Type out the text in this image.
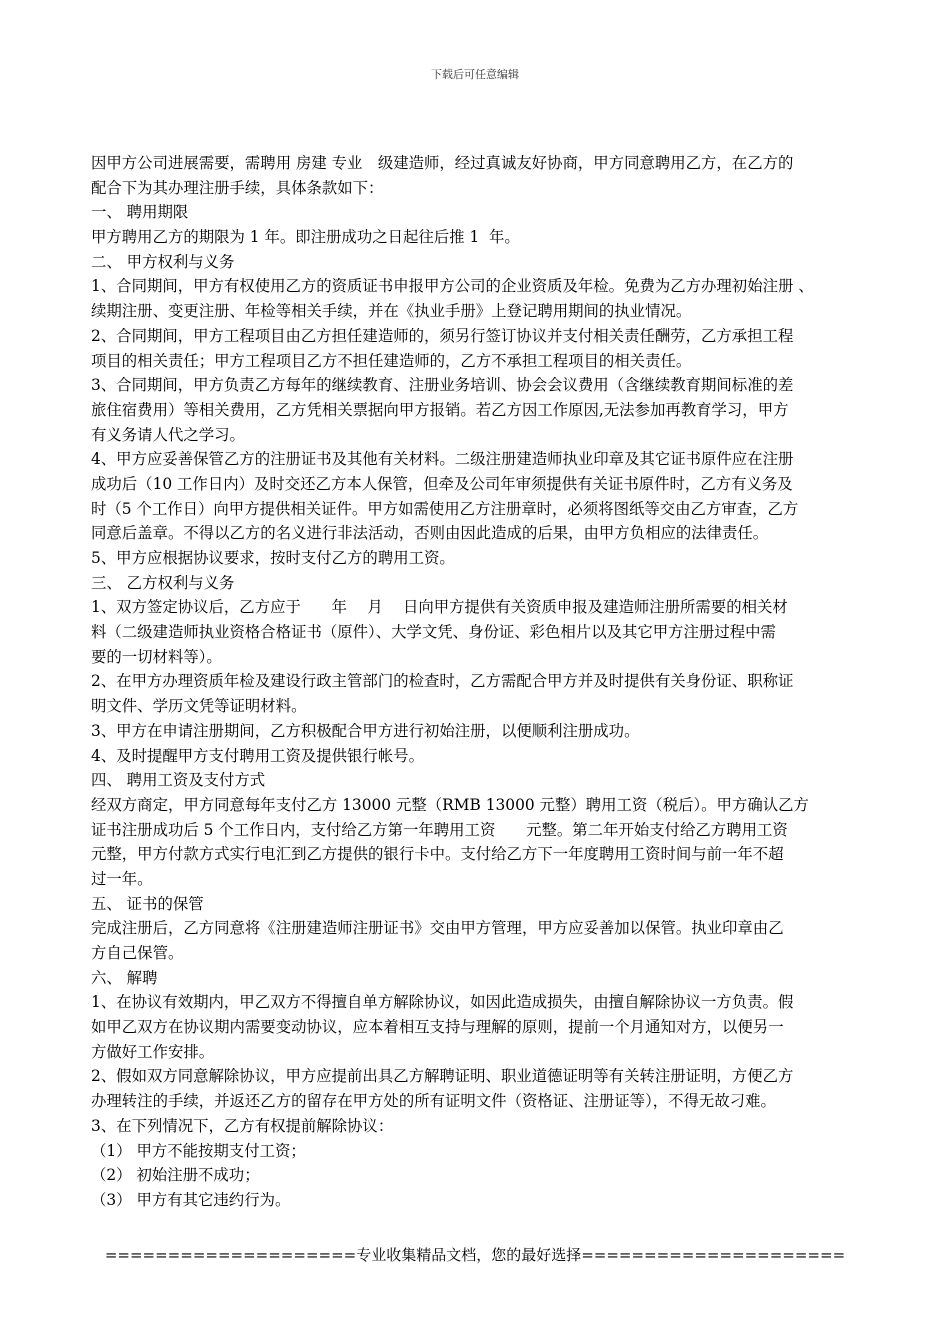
下载后可任意编辑
因甲方公司进展需要，需聘用 房建 专业　级建造师，经过真诚友好协商，甲方同意聘用乙方，在乙方的
配合下为其办理注册手续，具体条款如下：
一、 聘用期限
甲方聘用乙方的期限为 1 年。即注册成功之日起往后推 1  年。
二、 甲方权利与义务
1、合同期间，甲方有权使用乙方的资质证书申报甲方公司的企业资质及年检。免费为乙方办理初始注册 、
续期注册、变更注册、年检等相关手续，并在《执业手册》上登记聘用期间的执业情况。
2、合同期间，甲方工程项目由乙方担任建造师的，须另行签订协议并支付相关责任酬劳，乙方承担工程
项目的相关责任；甲方工程项目乙方不担任建造师的，乙方不承担工程项目的相关责任。
3、合同期间，甲方负责乙方每年的继续教育、注册业务培训、协会会议费用（含继续教育期间标准的差
旅住宿费用）等相关费用，乙方凭相关票据向甲方报销。若乙方因工作原因,无法参加再教育学习，甲方
有义务请人代之学习。
4、甲方应妥善保管乙方的注册证书及其他有关材料。二级注册建造师执业印章及其它证书原件应在注册
成功后（10 工作日内）及时交还乙方本人保管，但牵及公司年审须提供有关证书原件时，乙方有义务及
时（5 个工作日）向甲方提供相关证件。甲方如需使用乙方注册章时，必须将图纸等交由乙方审查，乙方
同意后盖章。不得以乙方的名义进行非法活动，否则由因此造成的后果，由甲方负相应的法律责任。
5、甲方应根据协议要求，按时支付乙方的聘用工资。
三、 乙方权利与义务
1、双方签定协议后，乙方应于　　年　 月　 日向甲方提供有关资质申报及建造师注册所需要的相关材
料（二级建造师执业资格合格证书（原件）、大学文凭、身份证、彩色相片以及其它甲方注册过程中需
要的一切材料等）。
2、在甲方办理资质年检及建设行政主管部门的检查时，乙方需配合甲方并及时提供有关身份证、职称证
明文件、学历文凭等证明材料。
3、甲方在申请注册期间，乙方积极配合甲方进行初始注册，以便顺利注册成功。
4、及时提醒甲方支付聘用工资及提供银行帐号。
四、 聘用工资及支付方式
经双方商定，甲方同意每年支付乙方 13000 元整（RMB 13000 元整）聘用工资（税后）。甲方确认乙方
证书注册成功后 5 个工作日内，支付给乙方第一年聘用工资　　元整。第二年开始支付给乙方聘用工资
元整，甲方付款方式实行电汇到乙方提供的银行卡中。支付给乙方下一年度聘用工资时间与前一年不超
过一年。
五、 证书的保管
完成注册后，乙方同意将《注册建造师注册证书》交由甲方管理，甲方应妥善加以保管。执业印章由乙
方自己保管。
六、 解聘
1、在协议有效期内，甲乙双方不得擅自单方解除协议，如因此造成损失，由擅自解除协议一方负责。假
如甲乙双方在协议期内需要变动协议，应本着相互支持与理解的原则，提前一个月通知对方，以便另一
方做好工作安排。
2、假如双方同意解除协议，甲方应提前出具乙方解聘证明、职业道德证明等有关转注册证明，方便乙方
办理转注的手续，并返还乙方的留存在甲方处的所有证明文件（资格证、注册证等），不得无故刁难。
3、在下列情况下，乙方有权提前解除协议：
（1） 甲方不能按期支付工资；
（2） 初始注册不成功；
（3） 甲方有其它违约行为。
====================专业收集精品文档，您的最好选择=====================
